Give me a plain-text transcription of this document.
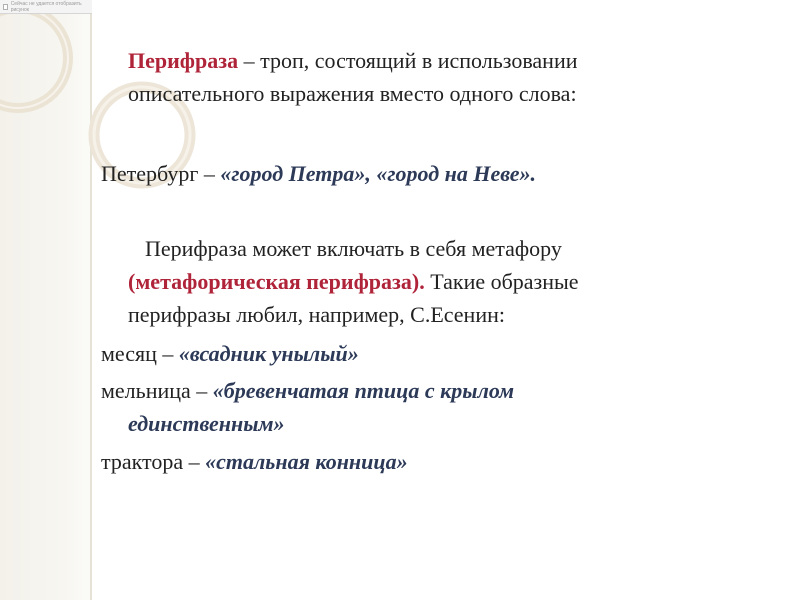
Сейчас не удается отобразить рисунок

Перифраза – троп, состоящий в использовании
описательного выражения вместо одного слова:

Петербург – «город Петра», «город на Неве».

Перифраза может включать в себя метафору
(метафорическая перифраза). Такие образные
перифразы любил, например, С.Есенин:

месяц – «всадник унылый»

мельница – «бревенчатая птица с крылом
единственным»

трактора – «стальная конница»
